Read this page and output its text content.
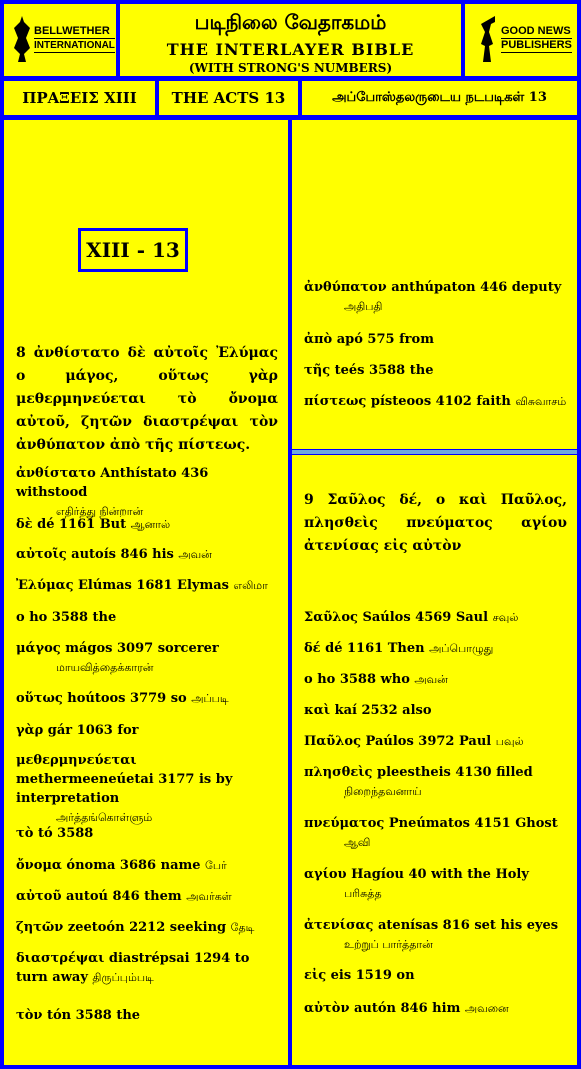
BELLWETHER
INTERNATIONAL
படிநிலை வேதாகமம்
THE INTERLAYER BIBLE
(WITH STRONG'S NUMBERS)
GOOD NEWS
PUBLISHERS
ΠΡΑΞΕΙΣ XIII THE ACTS 13	அப்போஸ்தலருடைய நடபடிகள் 13
XIII - 13
8 ἀνθίστατο δὲ αὐτοῖς Ἐλύμας ο μάγος, οὕτως γὰρ μεθερμηνεύεται τὸ ὄνομα αὐτοῦ, ζητῶν διαστρέψαι τὸν ἀνθύπατον ἀπὸ τῆς πίστεως.
ἀνθίστατο Anthístato 436 withstood
எதிர்த்து நின்றான்
δὲ dé 1161 But ஆனால்
αὐτοῖς autoís 846 his அவன்
Ἐλύμας Elúmas 1681 Elymas எலிமா
ο ho 3588 the
μάγος mágos 3097 sorcerer
மாயவித்தைக்காரன்
οὕτως hoútoos 3779 so அப்படி
γὰρ gár 1063 for
μεθερμηνεύεται methermeeneúetai 3177 is by interpretation
அர்த்தங்கொள்ளும்
τὸ tó 3588
ὄνομα ónoma 3686 name பேர்
αὐτοῦ autoú 846 them அவர்கள்
ζητῶν zeetoón 2212 seeking தேடி
διαστρέψαι diastrépsai 1294 to turn away திருப்பும்படி
τὸν tón 3588 the
ἀνθύπατον anthúpaton 446 deputy
அதிபதி
ἀπὸ apó 575 from
τῆς teés 3588 the
πίστεως písteoos 4102 faith விசுவாசம்
9 Σαῦλος δέ, ο καὶ Παῦλος, πλησθεὶς πνεύματος αγίου ἀτενίσας εἰς αὐτὸν
Σαῦλος Saúlos 4569 Saul சவுல்
δέ dé 1161 Then அப்பொழுது
ο ho 3588 who அவன்
καὶ kaí 2532 also
Παῦλος Paúlos 3972 Paul பவுல்
πλησθεὶς pleestheis 4130 filled
நிறைந்தவனாய்
πνεύματος Pneúmatos 4151 Ghost
ஆவி
αγίου Hagíou 40 with the Holy
பரிசுத்த
ἀτενίσας atenísas 816 set his eyes
உற்றுப் பார்த்தான்
εἰς eis 1519 on
αὐτὸν autón 846 him அவனை
